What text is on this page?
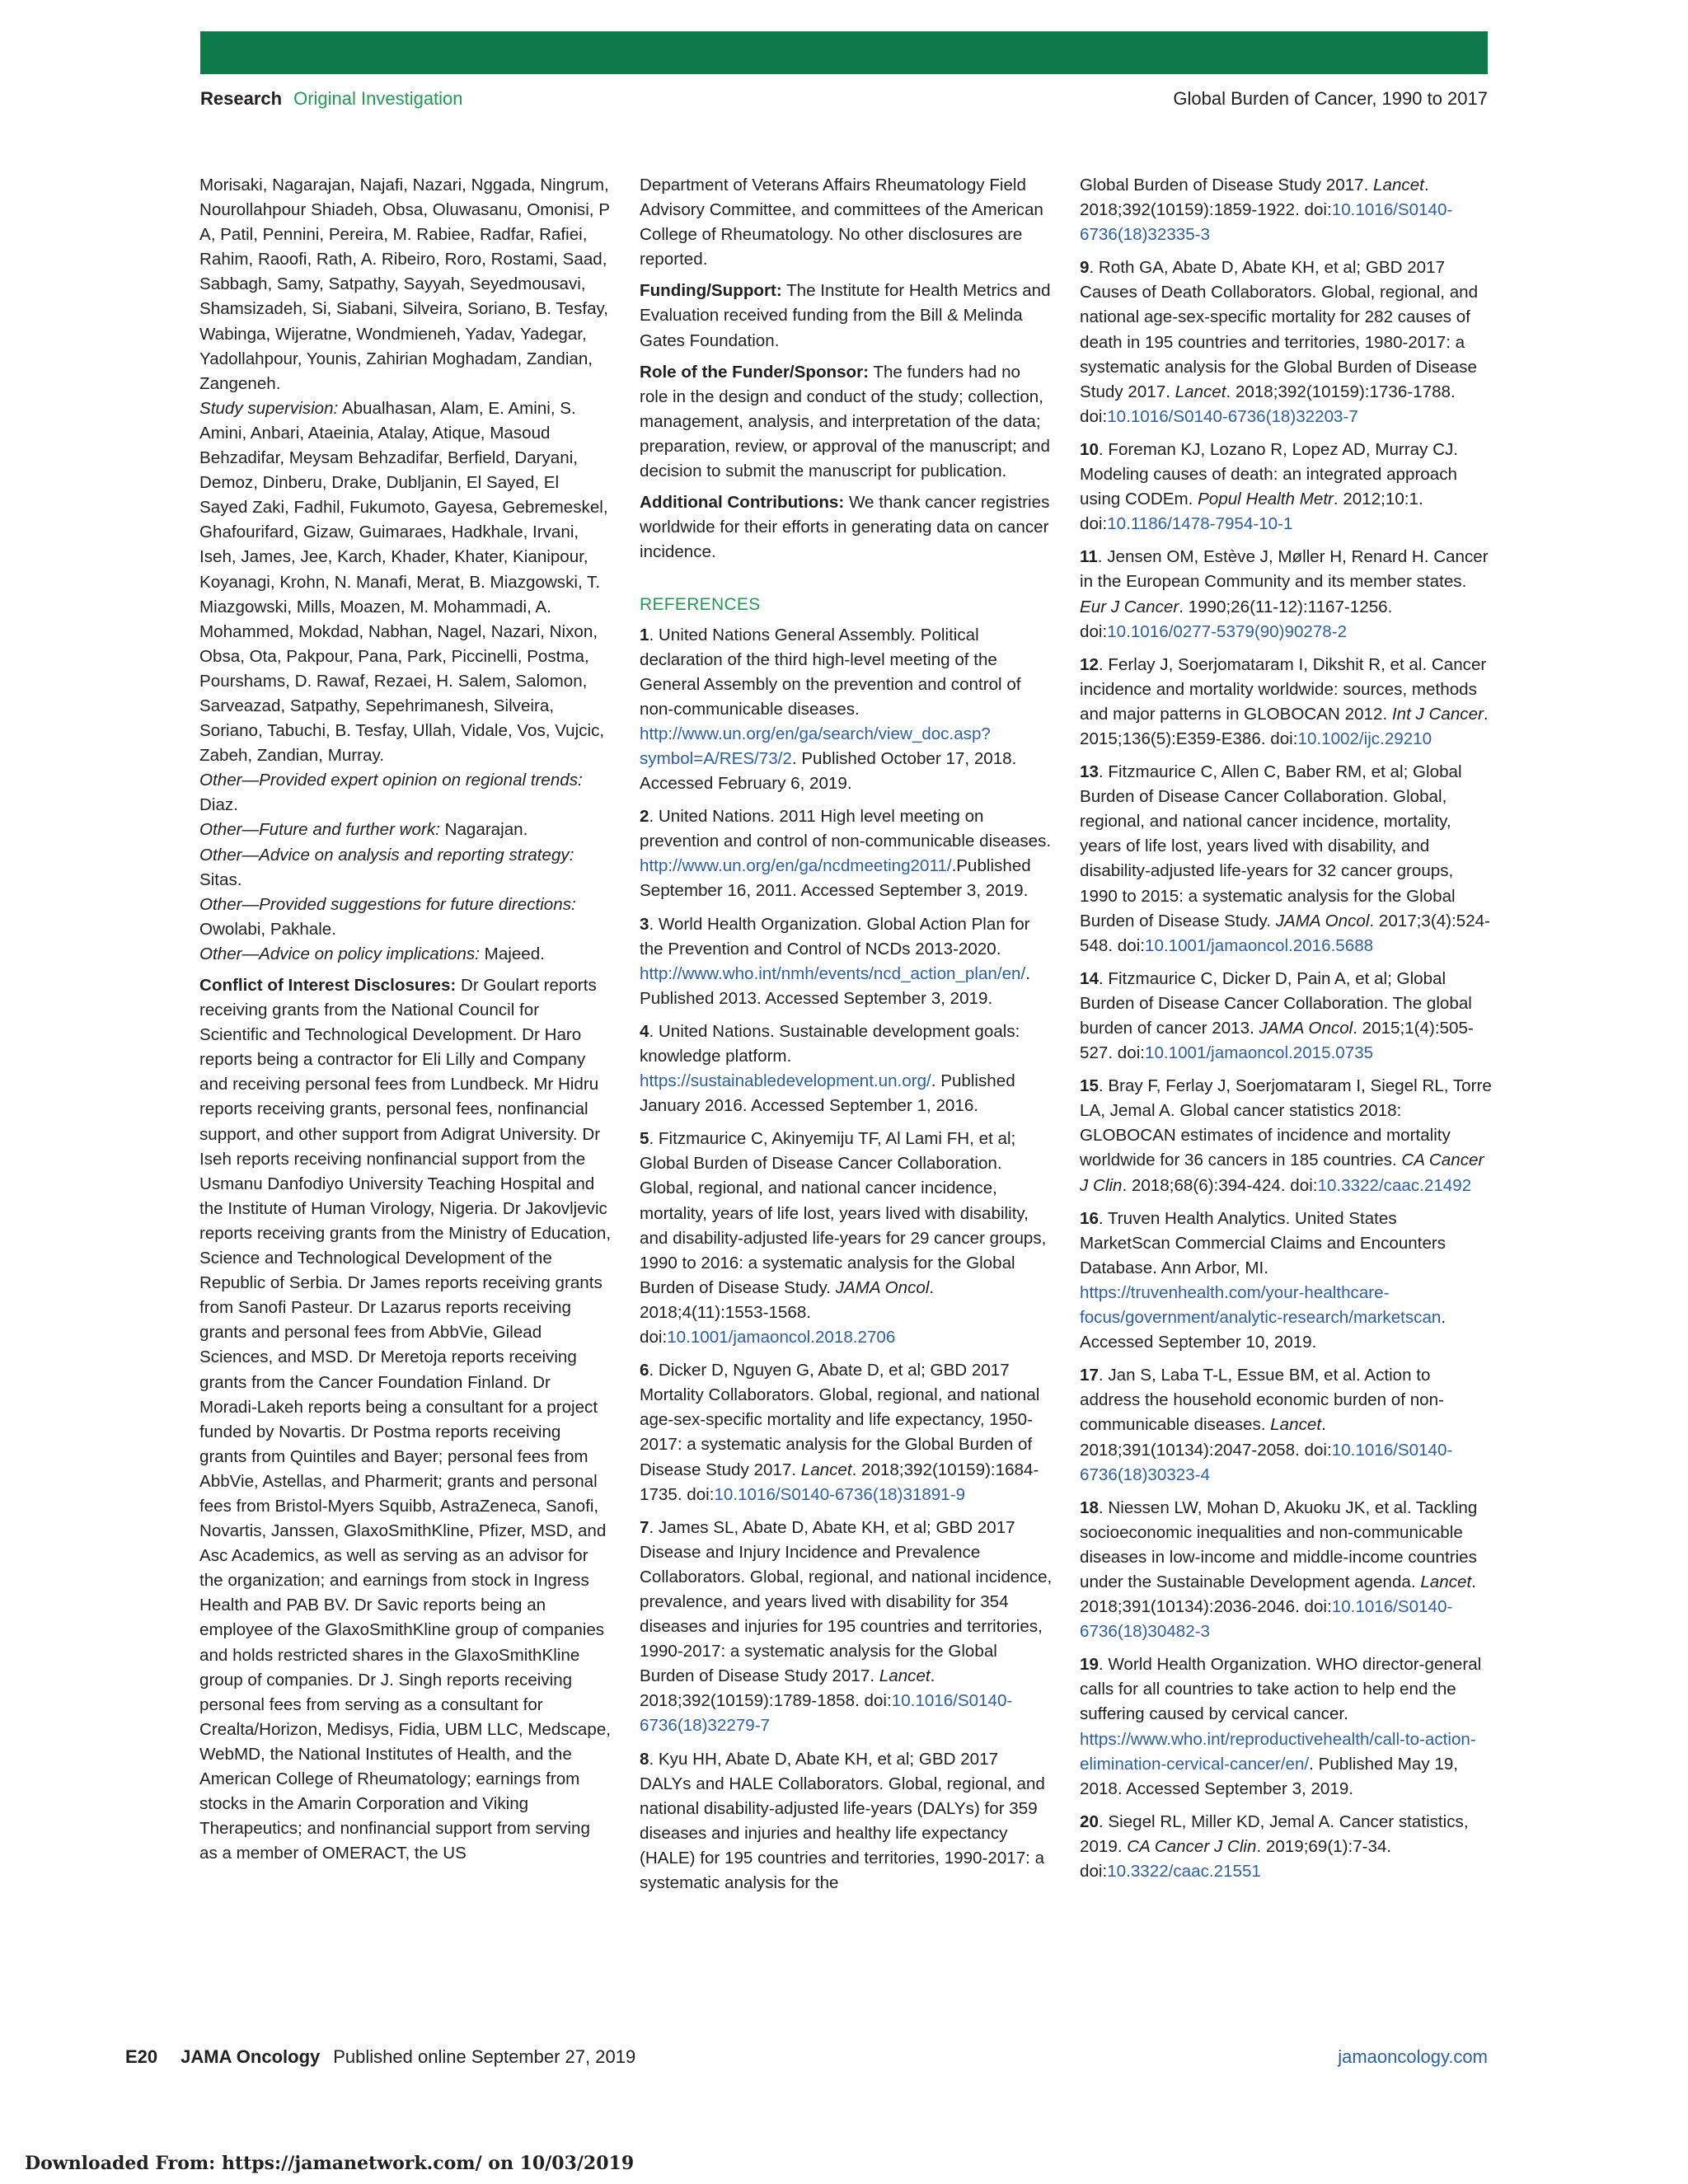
Research Original Investigation	Global Burden of Cancer, 1990 to 2017

Morisaki, Nagarajan, Najafi, Nazari, Nggada, Ningrum, Nourollahpour Shiadeh, Obsa, Oluwasanu, Omonisi, P A, Patil, Pennini, Pereira, M. Rabiee, Radfar, Rafiei, Rahim, Raoofi, Rath, A. Ribeiro, Roro, Rostami, Saad, Sabbagh, Samy, Satpathy, Sayyah, Seyedmousavi, Shamsizadeh, Si, Siabani, Silveira, Soriano, B. Tesfay, Wabinga, Wijeratne, Wondmieneh, Yadav, Yadegar, Yadollahpour, Younis, Zahirian Moghadam, Zandian, Zangeneh.

Study supervision: Abualhasan, Alam, E. Amini, S. Amini, Anbari, Ataeinia, Atalay, Atique, Masoud Behzadifar, Meysam Behzadifar, Berfield, Daryani, Demoz, Dinberu, Drake, Dubljanin, El Sayed, El Sayed Zaki, Fadhil, Fukumoto, Gayesa, Gebremeskel, Ghafourifard, Gizaw, Guimaraes, Hadkhale, Irvani, Iseh, James, Jee, Karch, Khader, Khater, Kianipour, Koyanagi, Krohn, N. Manafi, Merat, B. Miazgowski, T. Miazgowski, Mills, Moazen, M. Mohammadi, A. Mohammed, Mokdad, Nabhan, Nagel, Nazari, Nixon, Obsa, Ota, Pakpour, Pana, Park, Piccinelli, Postma, Pourshams, D. Rawaf, Rezaei, H. Salem, Salomon, Sarveazad, Satpathy, Sepehrimanesh, Silveira, Soriano, Tabuchi, B. Tesfay, Ullah, Vidale, Vos, Vujcic, Zabeh, Zandian, Murray.

Other—Provided expert opinion on regional trends: Diaz.

Other—Future and further work: Nagarajan.

Other—Advice on analysis and reporting strategy: Sitas.

Other—Provided suggestions for future directions: Owolabi, Pakhale.

Other—Advice on policy implications: Majeed.

Conflict of Interest Disclosures: Dr Goulart reports receiving grants from the National Council for Scientific and Technological Development. Dr Haro reports being a contractor for Eli Lilly and Company and receiving personal fees from Lundbeck. Mr Hidru reports receiving grants, personal fees, nonfinancial support, and other support from Adigrat University. Dr Iseh reports receiving nonfinancial support from the Usmanu Danfodiyo University Teaching Hospital and the Institute of Human Virology, Nigeria. Dr Jakovljevic reports receiving grants from the Ministry of Education, Science and Technological Development of the Republic of Serbia. Dr James reports receiving grants from Sanofi Pasteur. Dr Lazarus reports receiving grants and personal fees from AbbVie, Gilead Sciences, and MSD. Dr Meretoja reports receiving grants from the Cancer Foundation Finland. Dr Moradi-Lakeh reports being a consultant for a project funded by Novartis. Dr Postma reports receiving grants from Quintiles and Bayer; personal fees from AbbVie, Astellas, and Pharmerit; grants and personal fees from Bristol-Myers Squibb, AstraZeneca, Sanofi, Novartis, Janssen, GlaxoSmithKline, Pfizer, MSD, and Asc Academics, as well as serving as an advisor for the organization; and earnings from stock in Ingress Health and PAB BV. Dr Savic reports being an employee of the GlaxoSmithKline group of companies and holds restricted shares in the GlaxoSmithKline group of companies. Dr J. Singh reports receiving personal fees from serving as a consultant for Crealta/Horizon, Medisys, Fidia, UBM LLC, Medscape, WebMD, the National Institutes of Health, and the American College of Rheumatology; earnings from stocks in the Amarin Corporation and Viking Therapeutics; and nonfinancial support from serving as a member of OMERACT, the US

Department of Veterans Affairs Rheumatology Field Advisory Committee, and committees of the American College of Rheumatology. No other disclosures are reported.

Funding/Support: The Institute for Health Metrics and Evaluation received funding from the Bill & Melinda Gates Foundation.

Role of the Funder/Sponsor: The funders had no role in the design and conduct of the study; collection, management, analysis, and interpretation of the data; preparation, review, or approval of the manuscript; and decision to submit the manuscript for publication.

Additional Contributions: We thank cancer registries worldwide for their efforts in generating data on cancer incidence.

REFERENCES

1. United Nations General Assembly. Political declaration of the third high-level meeting of the General Assembly on the prevention and control of non-communicable diseases. http://www.un.org/en/ga/search/view_doc.asp?symbol=A/RES/73/2. Published October 17, 2018. Accessed February 6, 2019.

2. United Nations. 2011 High level meeting on prevention and control of non-communicable diseases. http://www.un.org/en/ga/ncdmeeting2011/.Published September 16, 2011. Accessed September 3, 2019.

3. World Health Organization. Global Action Plan for the Prevention and Control of NCDs 2013-2020. http://www.who.int/nmh/events/ncd_action_plan/en/. Published 2013. Accessed September 3, 2019.

4. United Nations. Sustainable development goals: knowledge platform. https://sustainabledevelopment.un.org/. Published January 2016. Accessed September 1, 2016.

5. Fitzmaurice C, Akinyemiju TF, Al Lami FH, et al; Global Burden of Disease Cancer Collaboration. Global, regional, and national cancer incidence, mortality, years of life lost, years lived with disability, and disability-adjusted life-years for 29 cancer groups, 1990 to 2016: a systematic analysis for the Global Burden of Disease Study. JAMA Oncol. 2018;4(11):1553-1568. doi:10.1001/jamaoncol.2018.2706

6. Dicker D, Nguyen G, Abate D, et al; GBD 2017 Mortality Collaborators. Global, regional, and national age-sex-specific mortality and life expectancy, 1950-2017: a systematic analysis for the Global Burden of Disease Study 2017. Lancet. 2018;392(10159):1684-1735. doi:10.1016/S0140-6736(18)31891-9

7. James SL, Abate D, Abate KH, et al; GBD 2017 Disease and Injury Incidence and Prevalence Collaborators. Global, regional, and national incidence, prevalence, and years lived with disability for 354 diseases and injuries for 195 countries and territories, 1990-2017: a systematic analysis for the Global Burden of Disease Study 2017. Lancet. 2018;392(10159):1789-1858. doi:10.1016/S0140-6736(18)32279-7

8. Kyu HH, Abate D, Abate KH, et al; GBD 2017 DALYs and HALE Collaborators. Global, regional, and national disability-adjusted life-years (DALYs) for 359 diseases and injuries and healthy life expectancy (HALE) for 195 countries and territories, 1990-2017: a systematic analysis for the

Global Burden of Disease Study 2017. Lancet. 2018;392(10159):1859-1922. doi:10.1016/S0140-6736(18)32335-3

9. Roth GA, Abate D, Abate KH, et al; GBD 2017 Causes of Death Collaborators. Global, regional, and national age-sex-specific mortality for 282 causes of death in 195 countries and territories, 1980-2017: a systematic analysis for the Global Burden of Disease Study 2017. Lancet. 2018;392(10159):1736-1788. doi:10.1016/S0140-6736(18)32203-7

10. Foreman KJ, Lozano R, Lopez AD, Murray CJ. Modeling causes of death: an integrated approach using CODEm. Popul Health Metr. 2012;10:1. doi:10.1186/1478-7954-10-1

11. Jensen OM, Estève J, Møller H, Renard H. Cancer in the European Community and its member states. Eur J Cancer. 1990;26(11-12):1167-1256. doi:10.1016/0277-5379(90)90278-2

12. Ferlay J, Soerjomataram I, Dikshit R, et al. Cancer incidence and mortality worldwide: sources, methods and major patterns in GLOBOCAN 2012. Int J Cancer. 2015;136(5):E359-E386. doi:10.1002/ijc.29210

13. Fitzmaurice C, Allen C, Baber RM, et al; Global Burden of Disease Cancer Collaboration. Global, regional, and national cancer incidence, mortality, years of life lost, years lived with disability, and disability-adjusted life-years for 32 cancer groups, 1990 to 2015: a systematic analysis for the Global Burden of Disease Study. JAMA Oncol. 2017;3(4):524-548. doi:10.1001/jamaoncol.2016.5688

14. Fitzmaurice C, Dicker D, Pain A, et al; Global Burden of Disease Cancer Collaboration. The global burden of cancer 2013. JAMA Oncol. 2015;1(4):505-527. doi:10.1001/jamaoncol.2015.0735

15. Bray F, Ferlay J, Soerjomataram I, Siegel RL, Torre LA, Jemal A. Global cancer statistics 2018: GLOBOCAN estimates of incidence and mortality worldwide for 36 cancers in 185 countries. CA Cancer J Clin. 2018;68(6):394-424. doi:10.3322/caac.21492

16. Truven Health Analytics. United States MarketScan Commercial Claims and Encounters Database. Ann Arbor, MI. https://truvenhealth.com/your-healthcare-focus/government/analytic-research/marketscan. Accessed September 10, 2019.

17. Jan S, Laba T-L, Essue BM, et al. Action to address the household economic burden of non-communicable diseases. Lancet. 2018;391(10134):2047-2058. doi:10.1016/S0140-6736(18)30323-4

18. Niessen LW, Mohan D, Akuoku JK, et al. Tackling socioeconomic inequalities and non-communicable diseases in low-income and middle-income countries under the Sustainable Development agenda. Lancet. 2018;391(10134):2036-2046. doi:10.1016/S0140-6736(18)30482-3

19. World Health Organization. WHO director-general calls for all countries to take action to help end the suffering caused by cervical cancer. https://www.who.int/reproductivehealth/call-to-action-elimination-cervical-cancer/en/. Published May 19, 2018. Accessed September 3, 2019.

20. Siegel RL, Miller KD, Jemal A. Cancer statistics, 2019. CA Cancer J Clin. 2019;69(1):7-34. doi:10.3322/caac.21551

E20 JAMA Oncology Published online September 27, 2019	jamaoncology.com
Downloaded From: https://jamanetwork.com/ on 10/03/2019
